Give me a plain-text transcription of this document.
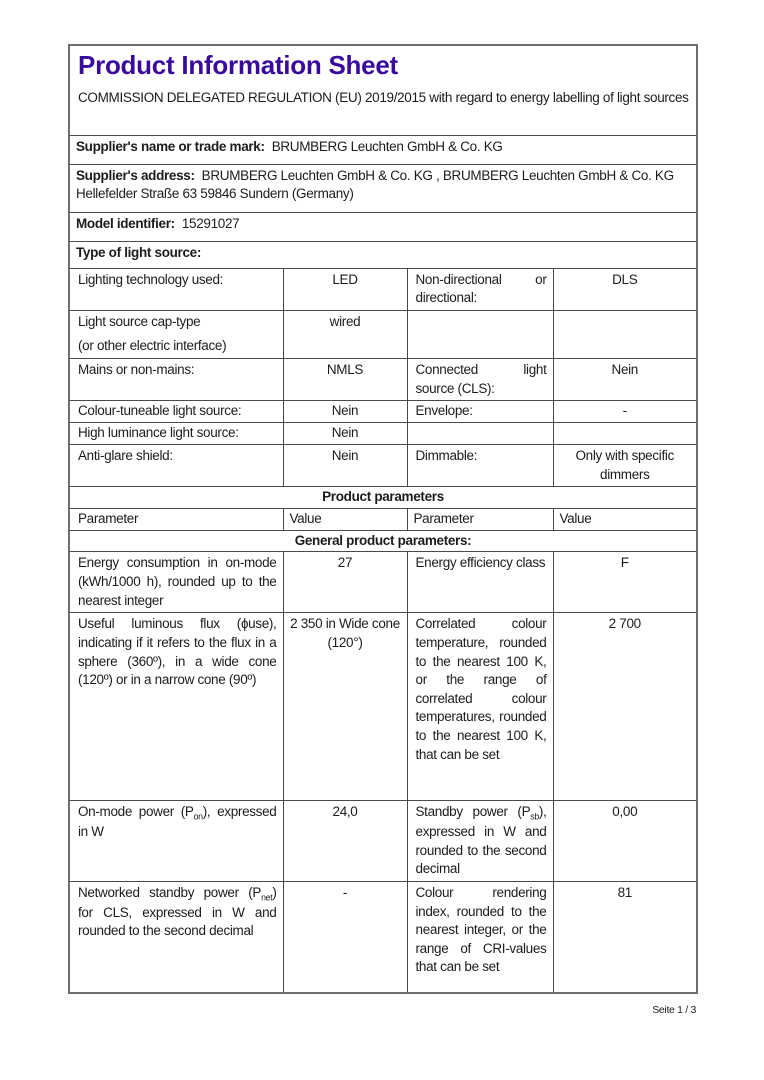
Product Information Sheet
COMMISSION DELEGATED REGULATION (EU) 2019/2015 with regard to energy labelling of light sources			

Supplier's name or trade mark: BRUMBERG Leuchten GmbH & Co. KG			
Supplier's address: BRUMBERG Leuchten GmbH & Co. KG , BRUMBERG Leuchten GmbH & Co. KG Hellefelder Straße 63 59846 Sundern (Germany)			
Model identifier: 15291027			
Type of light source:			
Lighting technology used:	LED	Non-directional or directional:	DLS

Light source cap-type
(or other electric interface)	wired		
Mains or non-mains:	NMLS	Connected light source (CLS):	Nein
Colour-tuneable light source:	Nein	Envelope:	-
High luminance light source:	Nein		
Anti-glare shield:	Nein	Dimmable:	Only with specific dimmers
Product parameters			
Parameter	Value	Parameter	Value
General product parameters:			
Energy consumption in on-mode (kWh/1000 h), rounded up to the nearest integer	27	Energy efficiency class	F
Useful luminous flux (ɸuse), indicating if it refers to the flux in a sphere (360º), in a wide cone (120º) or in a narrow cone (90º)	2 350 in Wide cone (120°)	Correlated colour temperature, rounded to the nearest 100 K, or the range of correlated colour temperatures, rounded to the nearest 100 K, that can be set	2 700
On-mode power $(P_{on})$, expressed in W	24,0	Standby power $(P_{sb})$, expressed in W and rounded to the second decimal	0,00
Networked standby power $(P_{net})$ for CLS, expressed in W and rounded to the second decimal	-	Colour rendering index, rounded to the nearest integer, or the range of CRI-values that can be set	81
Seite 1 / 3
